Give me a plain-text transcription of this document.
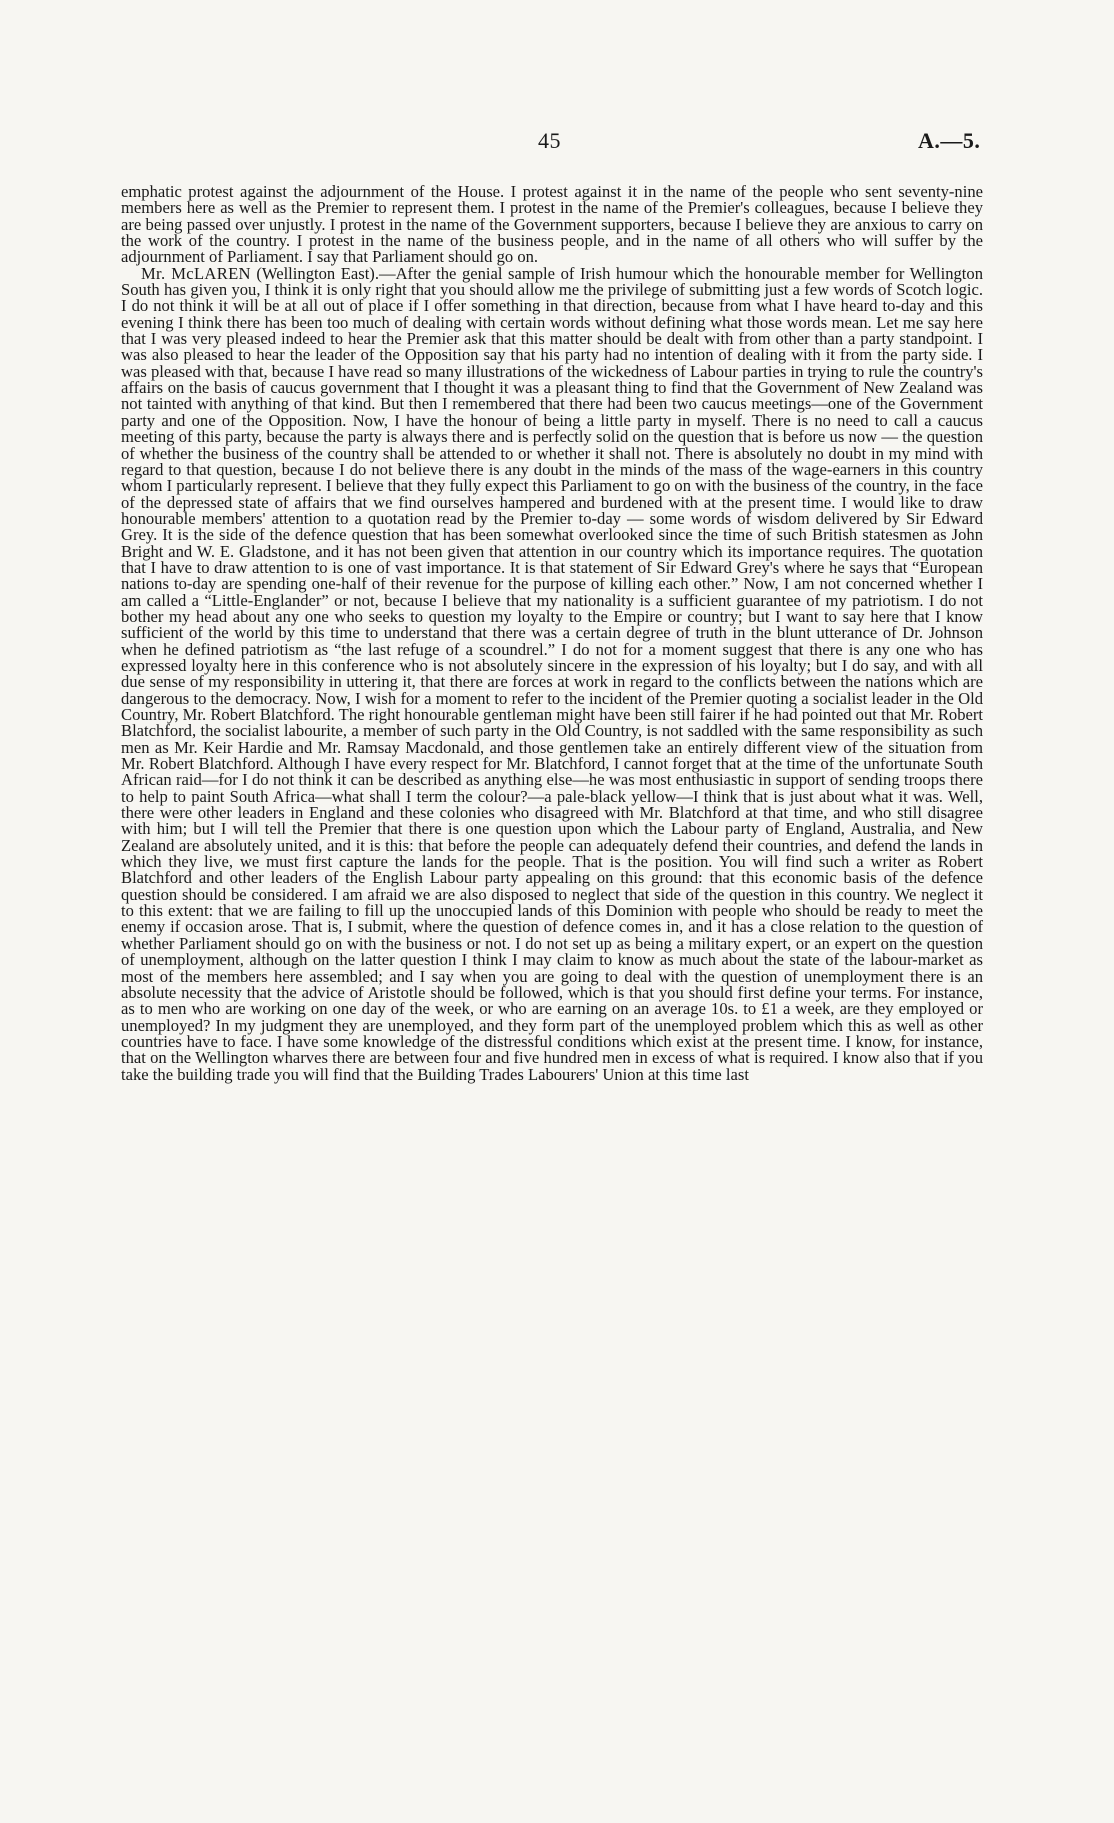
45	A.—5.

emphatic protest against the adjournment of the House. I protest against it in the name of the people who sent seventy-nine members here as well as the Premier to represent them. I protest in the name of the Premier's colleagues, because I believe they are being passed over unjustly. I protest in the name of the Government supporters, because I believe they are anxious to carry on the work of the country. I protest in the name of the business people, and in the name of all others who will suffer by the adjournment of Parliament. I say that Parliament should go on.

Mr. McLAREN (Wellington East).—After the genial sample of Irish humour which the honourable member for Wellington South has given you, I think it is only right that you should allow me the privilege of submitting just a few words of Scotch logic. I do not think it will be at all out of place if I offer something in that direction, because from what I have heard to-day and this evening I think there has been too much of dealing with certain words without defining what those words mean. Let me say here that I was very pleased indeed to hear the Premier ask that this matter should be dealt with from other than a party standpoint. I was also pleased to hear the leader of the Opposition say that his party had no intention of dealing with it from the party side. I was pleased with that, because I have read so many illustrations of the wickedness of Labour parties in trying to rule the country's affairs on the basis of caucus government that I thought it was a pleasant thing to find that the Government of New Zealand was not tainted with anything of that kind. But then I remembered that there had been two caucus meetings—one of the Government party and one of the Opposition. Now, I have the honour of being a little party in myself. There is no need to call a caucus meeting of this party, because the party is always there and is perfectly solid on the question that is before us now — the question of whether the business of the country shall be attended to or whether it shall not. There is absolutely no doubt in my mind with regard to that question, because I do not believe there is any doubt in the minds of the mass of the wage-earners in this country whom I particularly represent. I believe that they fully expect this Parliament to go on with the business of the country, in the face of the depressed state of affairs that we find ourselves hampered and burdened with at the present time. I would like to draw honourable members' attention to a quotation read by the Premier to-day — some words of wisdom delivered by Sir Edward Grey. It is the side of the defence question that has been somewhat overlooked since the time of such British statesmen as John Bright and W. E. Gladstone, and it has not been given that attention in our country which its importance requires. The quotation that I have to draw attention to is one of vast importance. It is that statement of Sir Edward Grey's where he says that “European nations to-day are spending one-half of their revenue for the purpose of killing each other.” Now, I am not concerned whether I am called a “Little-Englander” or not, because I believe that my nationality is a sufficient guarantee of my patriotism. I do not bother my head about any one who seeks to question my loyalty to the Empire or country; but I want to say here that I know sufficient of the world by this time to understand that there was a certain degree of truth in the blunt utterance of Dr. Johnson when he defined patriotism as “the last refuge of a scoundrel.” I do not for a moment suggest that there is any one who has expressed loyalty here in this conference who is not absolutely sincere in the expression of his loyalty; but I do say, and with all due sense of my responsibility in uttering it, that there are forces at work in regard to the conflicts between the nations which are dangerous to the democracy. Now, I wish for a moment to refer to the incident of the Premier quoting a socialist leader in the Old Country, Mr. Robert Blatchford. The right honourable gentleman might have been still fairer if he had pointed out that Mr. Robert Blatchford, the socialist labourite, a member of such party in the Old Country, is not saddled with the same responsibility as such men as Mr. Keir Hardie and Mr. Ramsay Macdonald, and those gentlemen take an entirely different view of the situation from Mr. Robert Blatchford. Although I have every respect for Mr. Blatchford, I cannot forget that at the time of the unfortunate South African raid—for I do not think it can be described as anything else—he was most enthusiastic in support of sending troops there to help to paint South Africa—what shall I term the colour?—a pale-black yellow—I think that is just about what it was. Well, there were other leaders in England and these colonies who disagreed with Mr. Blatchford at that time, and who still disagree with him; but I will tell the Premier that there is one question upon which the Labour party of England, Australia, and New Zealand are absolutely united, and it is this: that before the people can adequately defend their countries, and defend the lands in which they live, we must first capture the lands for the people. That is the position. You will find such a writer as Robert Blatchford and other leaders of the English Labour party appealing on this ground: that this economic basis of the defence question should be considered. I am afraid we are also disposed to neglect that side of the question in this country. We neglect it to this extent: that we are failing to fill up the unoccupied lands of this Dominion with people who should be ready to meet the enemy if occasion arose. That is, I submit, where the question of defence comes in, and it has a close relation to the question of whether Parliament should go on with the business or not. I do not set up as being a military expert, or an expert on the question of unemployment, although on the latter question I think I may claim to know as much about the state of the labour-market as most of the members here assembled; and I say when you are going to deal with the question of unemployment there is an absolute necessity that the advice of Aristotle should be followed, which is that you should first define your terms. For instance, as to men who are working on one day of the week, or who are earning on an average 10s. to £1 a week, are they employed or unemployed? In my judgment they are unemployed, and they form part of the unemployed problem which this as well as other countries have to face. I have some knowledge of the distressful conditions which exist at the present time. I know, for instance, that on the Wellington wharves there are between four and five hundred men in excess of what is required. I know also that if you take the building trade you will find that the Building Trades Labourers' Union at this time last
